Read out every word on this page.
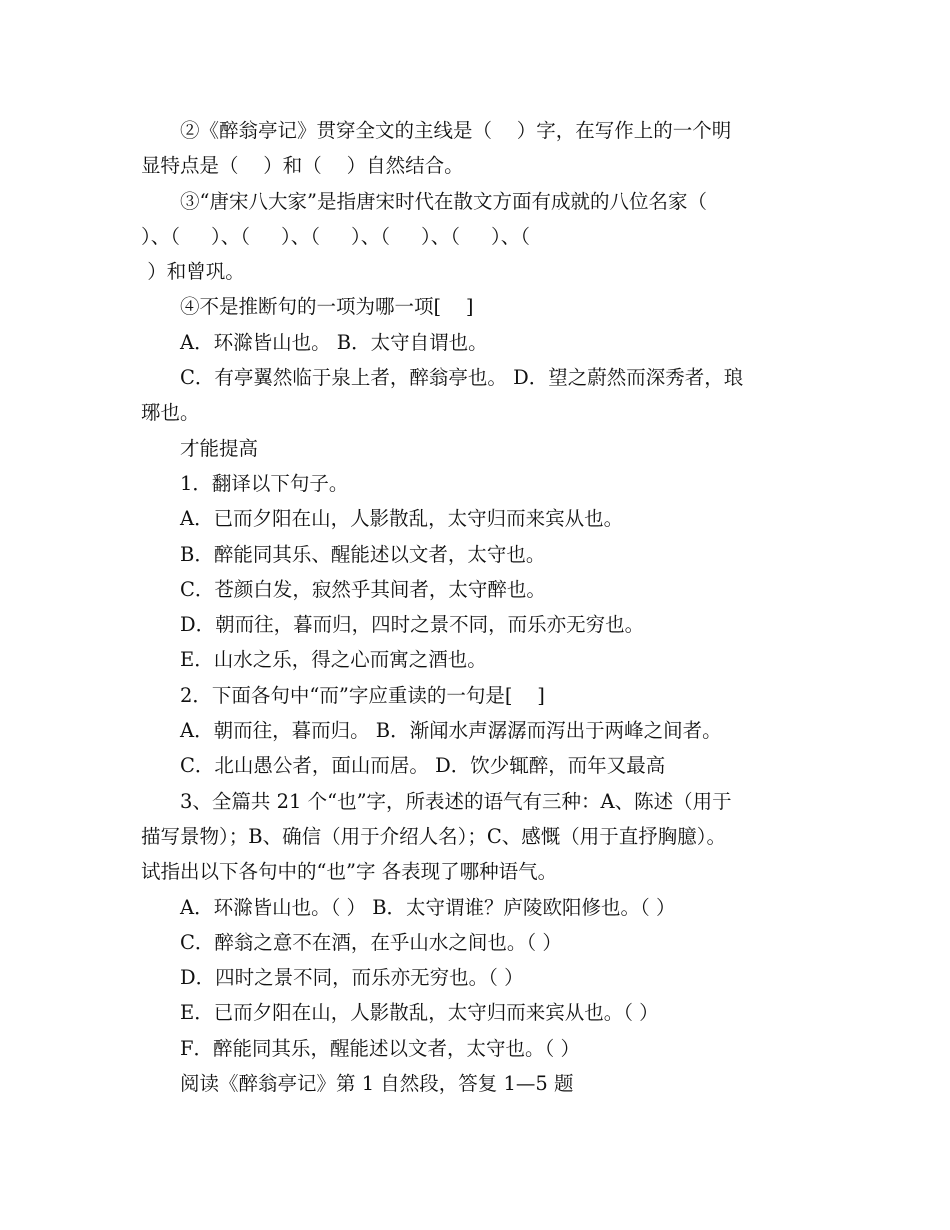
②《醉翁亭记》贯穿全文的主线是（    ）字，在写作上的一个明
显特点是（    ）和（    ）自然结合。
③“唐宋八大家”是指唐宋时代在散文方面有成就的八位名家（
）、（     ）、（     ）、（     ）、（     ）、（     ）、（
）和曾巩。
④不是推断句的一项为哪一项[    ]
A．环滁皆山也。 B．太守自谓也。
C．有亭翼然临于泉上者，醉翁亭也。 D．望之蔚然而深秀者，琅
琊也。
才能提高
1．翻译以下句子。
A．已而夕阳在山，人影散乱，太守归而来宾从也。
B．醉能同其乐、醒能述以文者，太守也。
C．苍颜白发，寂然乎其间者，太守醉也。
D．朝而往，暮而归，四时之景不同，而乐亦无穷也。
E．山水之乐，得之心而寓之酒也。
2．下面各句中“而”字应重读的一句是[    ]
A．朝而往，暮而归。 B．渐闻水声潺潺而泻出于两峰之间者。
C．北山愚公者，面山而居。 D．饮少辄醉，而年又最高
3、全篇共 21 个“也”字，所表述的语气有三种：A、陈述（用于
描写景物）；B、确信（用于介绍人名）；C、感慨（用于直抒胸臆）。
试指出以下各句中的“也”字 各表现了哪种语气。
A．环滁皆山也。（ ） B．太守谓谁？庐陵欧阳修也。（ ）
C．醉翁之意不在酒，在乎山水之间也。（ ）
D．四时之景不同，而乐亦无穷也。（ ）
E．已而夕阳在山，人影散乱，太守归而来宾从也。（ ）
F．醉能同其乐，醒能述以文者，太守也。（ ）
阅读《醉翁亭记》第 1 自然段，答复 1—5 题
